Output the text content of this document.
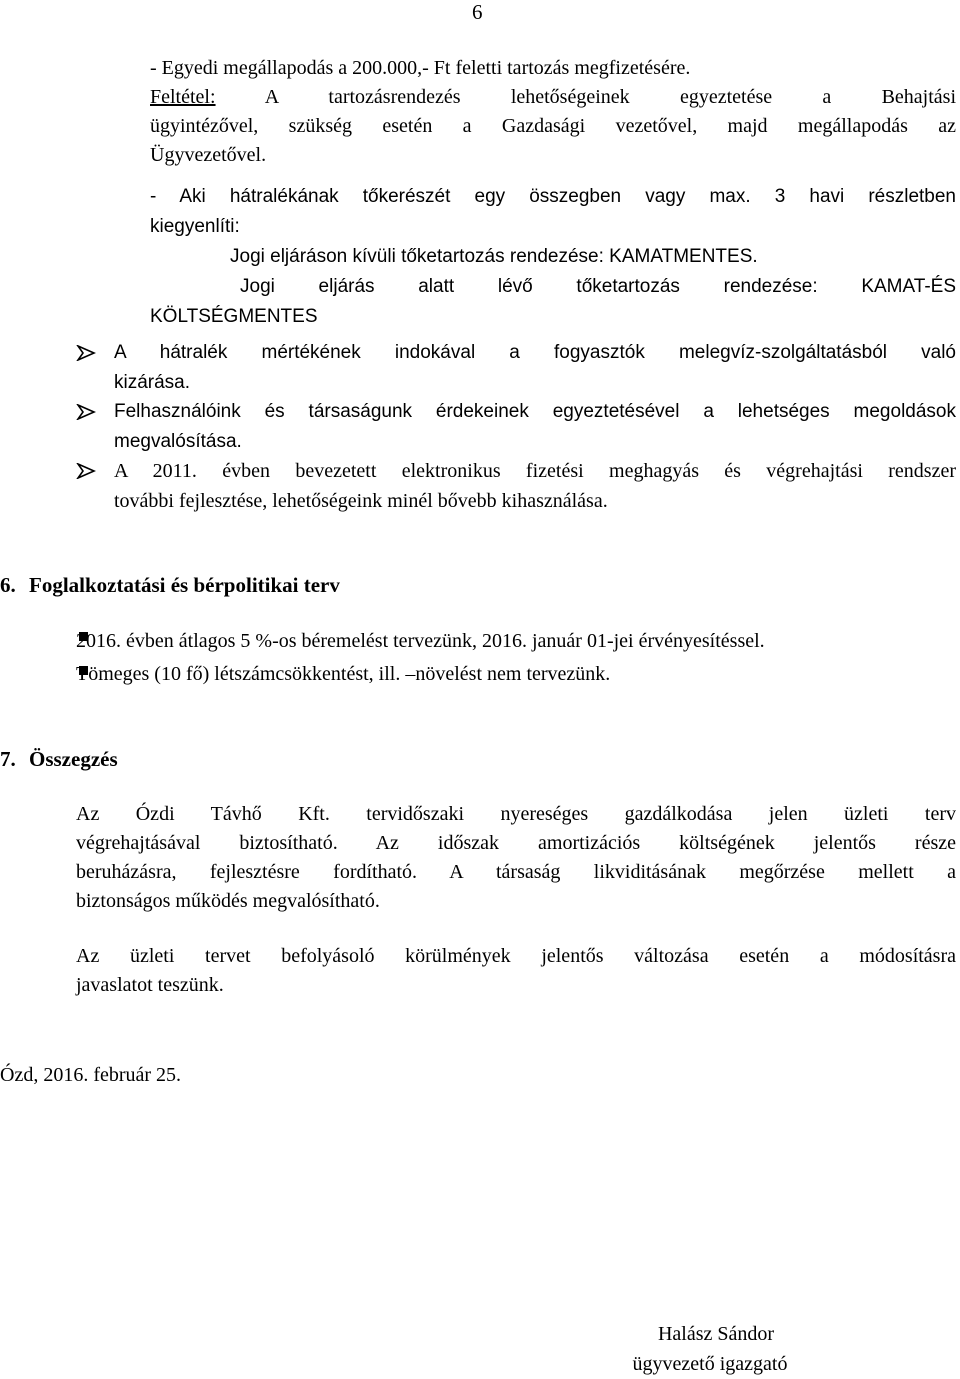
6
- Egyedi megállapodás a 200.000,- Ft feletti tartozás megfizetésére.
Feltétel: A tartozásrendezés lehetőségeinek egyeztetése a Behajtási
ügyintézővel, szükség esetén a Gazdasági vezetővel, majd megállapodás az
Ügyvezetővel.
- Aki hátralékának tőkerészét egy összegben vagy max. 3 havi részletben
kiegyenlíti:
Jogi eljáráson kívüli tőketartozás rendezése: KAMATMENTES.
Jogi eljárás alatt lévő tőketartozás rendezése: KAMAT-ÉS
KÖLTSÉGMENTES
A hátralék mértékének indokával a fogyasztók melegvíz-szolgáltatásból való
kizárása.
Felhasználóink és társaságunk érdekeinek egyeztetésével a lehetséges megoldások
megvalósítása.
A 2011. évben bevezetett elektronikus fizetési meghagyás és végrehajtási rendszer
további fejlesztése, lehetőségeink minél bővebb kihasználása.
6. Foglalkoztatási és bérpolitikai terv
2016. évben átlagos 5 %-os béremelést tervezünk, 2016. január 01-jei érvényesítéssel.
Tömeges (10 fő) létszámcsökkentést, ill. –növelést nem tervezünk.
7. Összegzés
Az Ózdi Távhő Kft. tervidőszaki nyereséges gazdálkodása jelen üzleti terv
végrehajtásával biztosítható. Az időszak amortizációs költségének jelentős része
beruházásra, fejlesztésre fordítható. A társaság likviditásának megőrzése mellett a
biztonságos működés megvalósítható.
Az üzleti tervet befolyásoló körülmények jelentős változása esetén a módosításra
javaslatot teszünk.
Ózd, 2016. február 25.
Halász Sándor
ügyvezető igazgató
